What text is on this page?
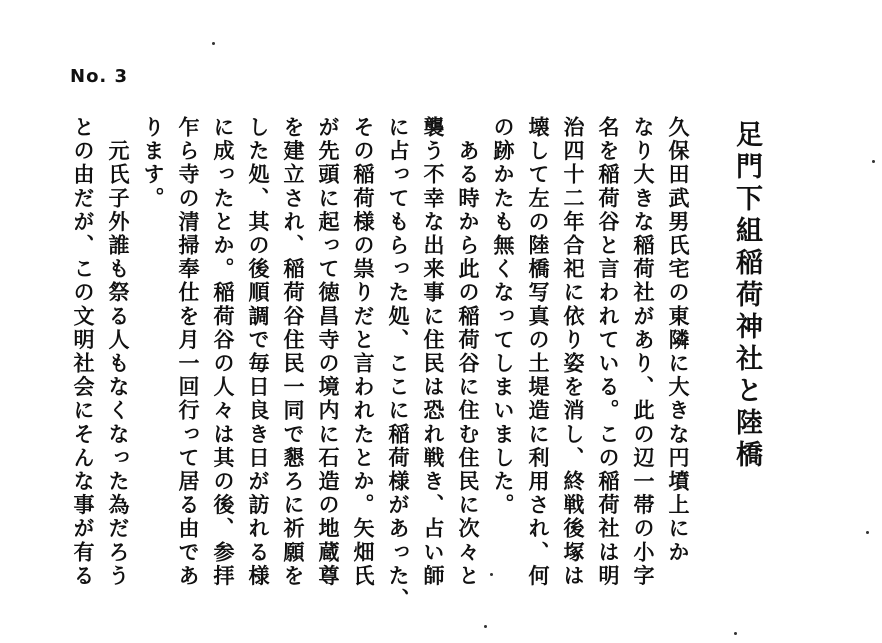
No. 3
足門下組稲荷神社と陸橋
久保田武男氏宅の東隣に大きな円墳上にか
なり大きな稲荷社があり、此の辺一帯の小字
名を稲荷谷と言われている。この稲荷社は明
治四十二年合祀に依り姿を消し、終戦後塚は
壊して左の陸橋写真の土堤造に利用され、何
の跡かたも無くなってしまいました。
　ある時から此の稲荷谷に住む住民に次々と
襲う不幸な出来事に住民は恐れ戦き、占い師
に占ってもらった処、ここに稲荷様があった、
その稲荷様の祟りだと言われたとか。矢畑氏
が先頭に起って徳昌寺の境内に石造の地蔵尊
を建立され、稲荷谷住民一同で懇ろに祈願を
した処、其の後順調で毎日良き日が訪れる様
に成ったとか。稲荷谷の人々は其の後、参拝
乍ら寺の清掃奉仕を月一回行って居る由であ
ります。
　元氏子外誰も祭る人もなくなった為だろう
との由だが、この文明社会にそんな事が有る
